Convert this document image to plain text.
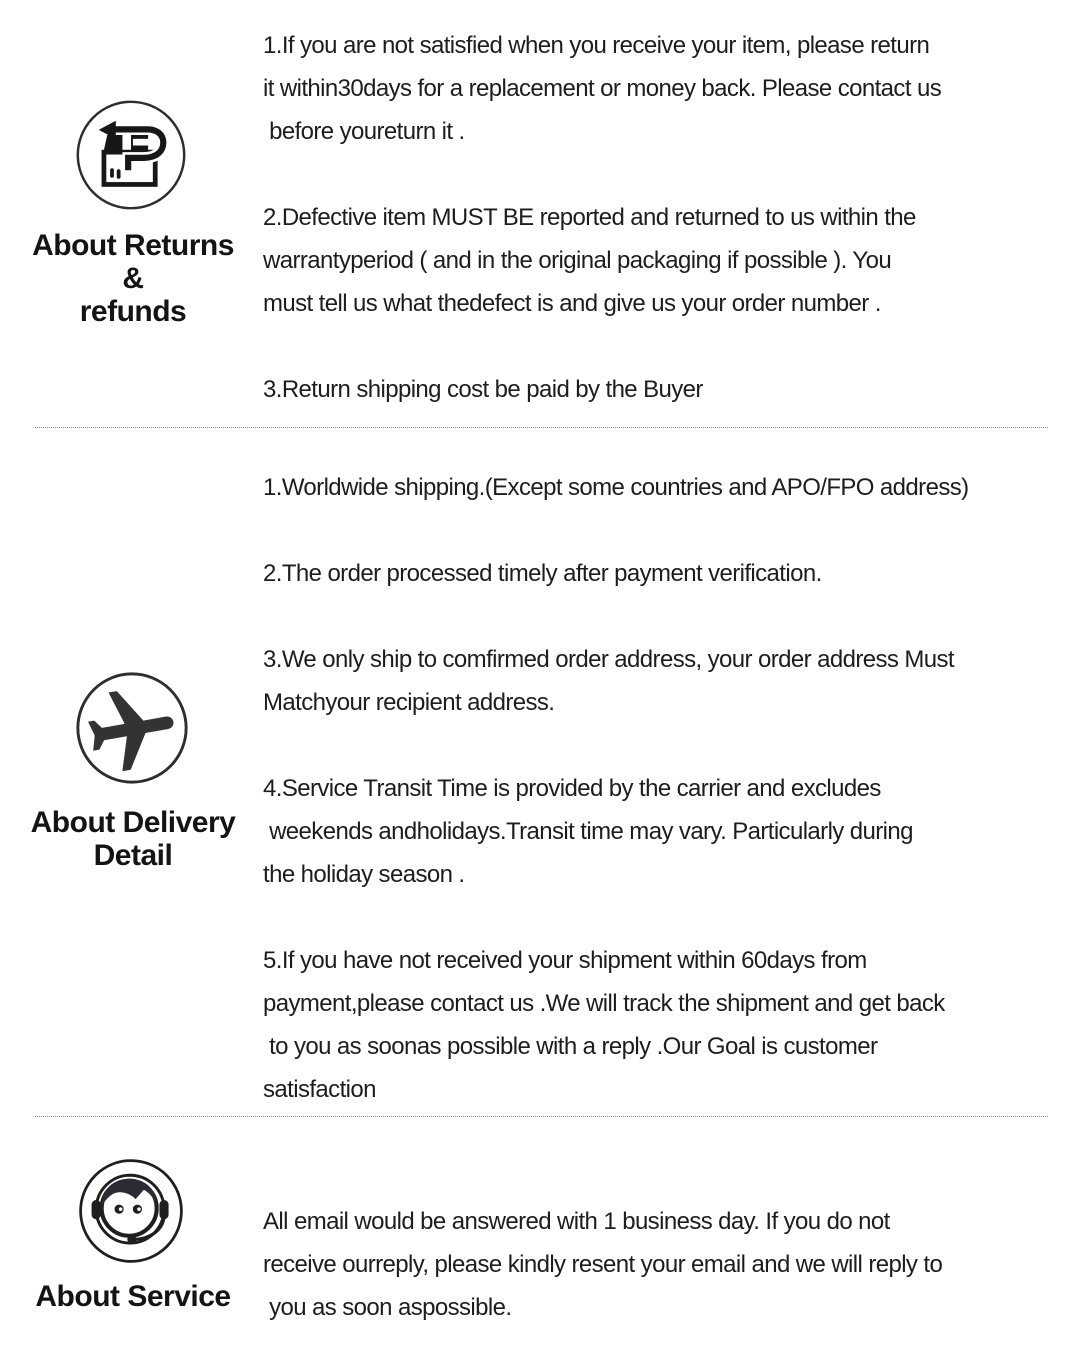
About Returns
&
refunds
1.If you are not satisfied when you receive your item, please return
it within30days for a replacement or money back. Please contact us
before youreturn it .
2.Defective item MUST BE reported and returned to us within the
warrantyperiod ( and in the original packaging if possible ). You
must tell us what thedefect is and give us your order number .
3.Return shipping cost be paid by the Buyer
About Delivery
Detail
1.Worldwide shipping.(Except some countries and APO/FPO address)
2.The order processed timely after payment verification.
3.We only ship to comfirmed order address, your order address Must
Matchyour recipient address.
4.Service Transit Time is provided by the carrier and excludes
weekends andholidays.Transit time may vary. Particularly during
the holiday season .
5.If you have not received your shipment within 60days from
payment,please contact us .We will track the shipment and get back
to you as soonas possible with a reply .Our Goal is customer
satisfaction
About Service
All email would be answered with 1 business day. If you do not
receive ourreply, please kindly resent your email and we will reply to
you as soon aspossible.
